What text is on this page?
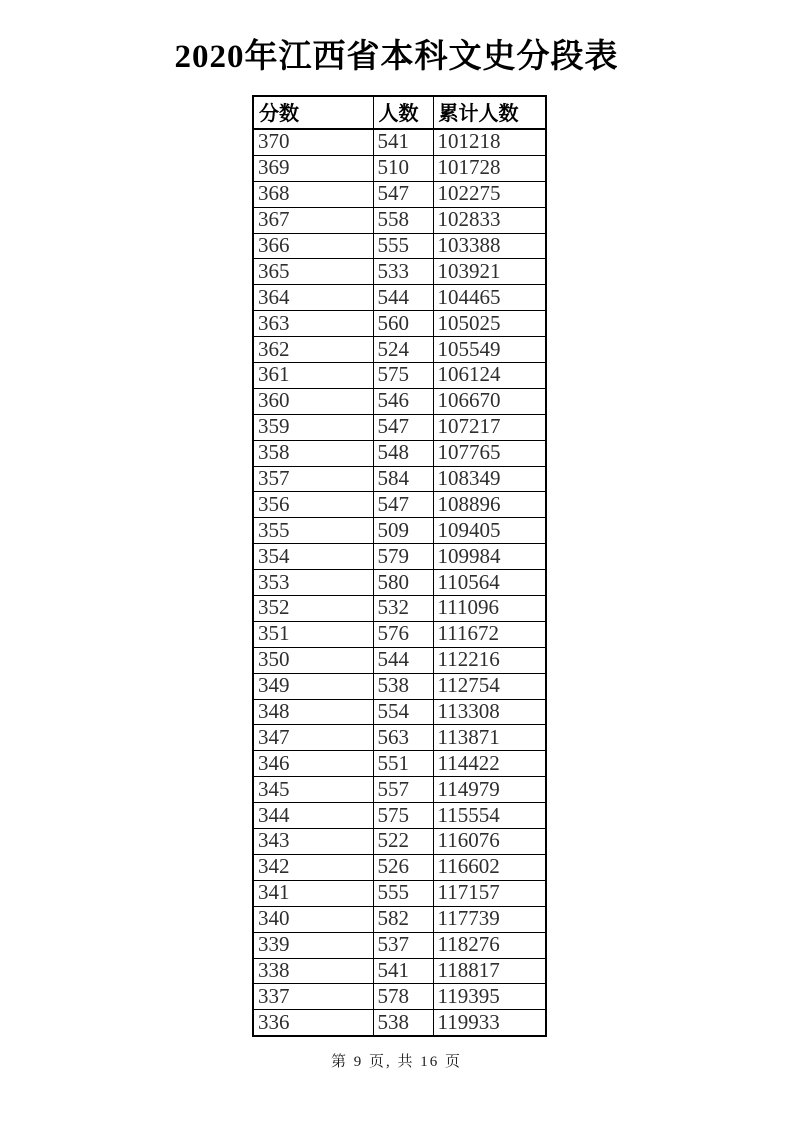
2020年江西省本科文史分段表
分数	人数	累计人数
370	541	101218
369	510	101728
368	547	102275
367	558	102833
366	555	103388
365	533	103921
364	544	104465
363	560	105025
362	524	105549
361	575	106124
360	546	106670
359	547	107217
358	548	107765
357	584	108349
356	547	108896
355	509	109405
354	579	109984
353	580	110564
352	532	111096
351	576	111672
350	544	112216
349	538	112754
348	554	113308
347	563	113871
346	551	114422
345	557	114979
344	575	115554
343	522	116076
342	526	116602
341	555	117157
340	582	117739
339	537	118276
338	541	118817
337	578	119395
336	538	119933
第 9 页, 共 16 页
